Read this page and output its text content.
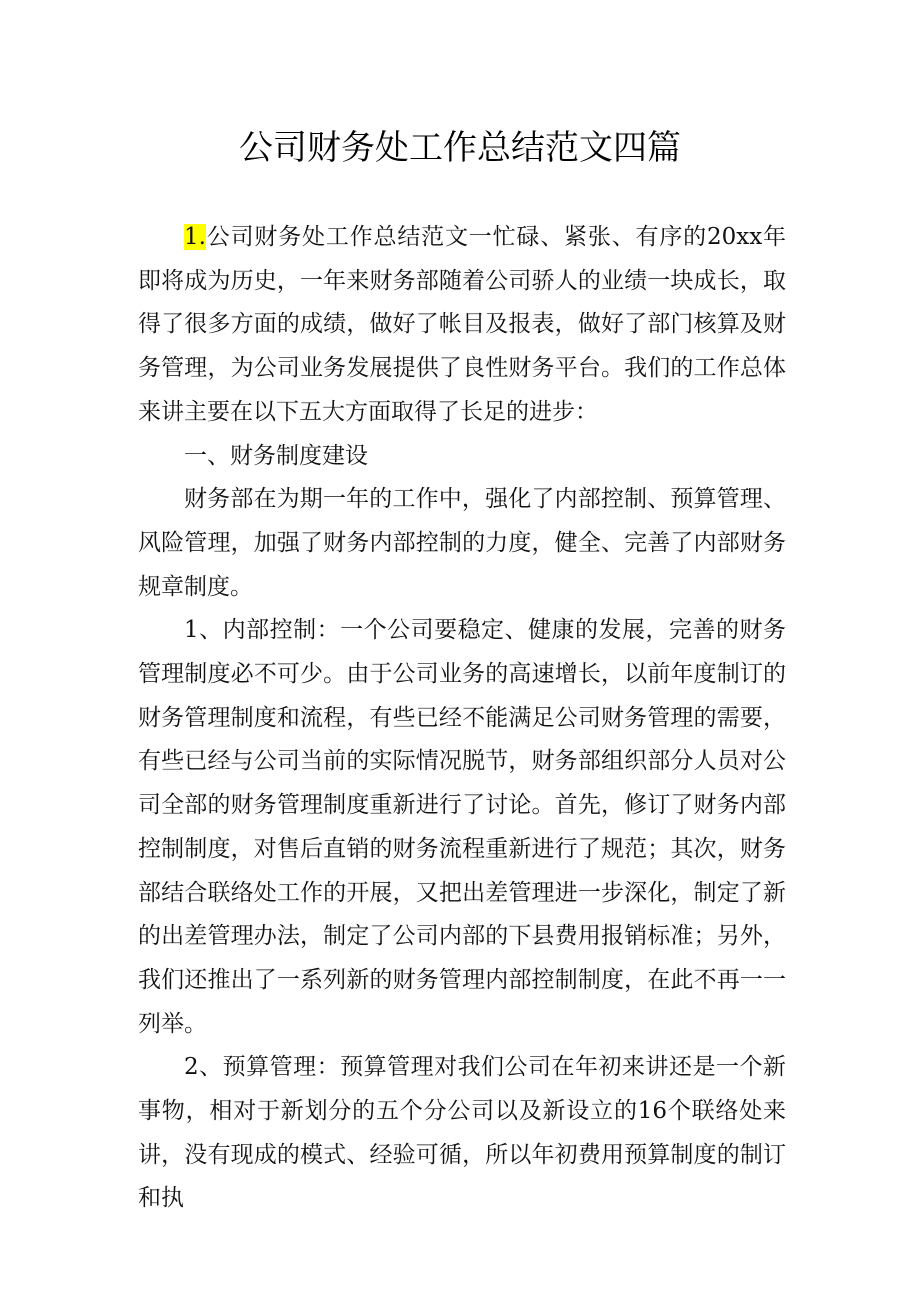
公司财务处工作总结范文四篇

1.公司财务处工作总结范文一忙碌、紧张、有序的20xx年即将成为历史，一年来财务部随着公司骄人的业绩一块成长，取得了很多方面的成绩，做好了帐目及报表，做好了部门核算及财务管理，为公司业务发展提供了良性财务平台。我们的工作总体来讲主要在以下五大方面取得了长足的进步：

一、财务制度建设

财务部在为期一年的工作中，强化了内部控制、预算管理、风险管理，加强了财务内部控制的力度，健全、完善了内部财务规章制度。

1、内部控制：一个公司要稳定、健康的发展，完善的财务管理制度必不可少。由于公司业务的高速增长，以前年度制订的财务管理制度和流程，有些已经不能满足公司财务管理的需要，有些已经与公司当前的实际情况脱节，财务部组织部分人员对公司全部的财务管理制度重新进行了讨论。首先，修订了财务内部控制制度，对售后直销的财务流程重新进行了规范；其次，财务部结合联络处工作的开展，又把出差管理进一步深化，制定了新的出差管理办法，制定了公司内部的下县费用报销标准；另外，我们还推出了一系列新的财务管理内部控制制度，在此不再一一列举。

2、预算管理：预算管理对我们公司在年初来讲还是一个新事物，相对于新划分的五个分公司以及新设立的16个联络处来讲，没有现成的模式、经验可循，所以年初费用预算制度的制订和执
